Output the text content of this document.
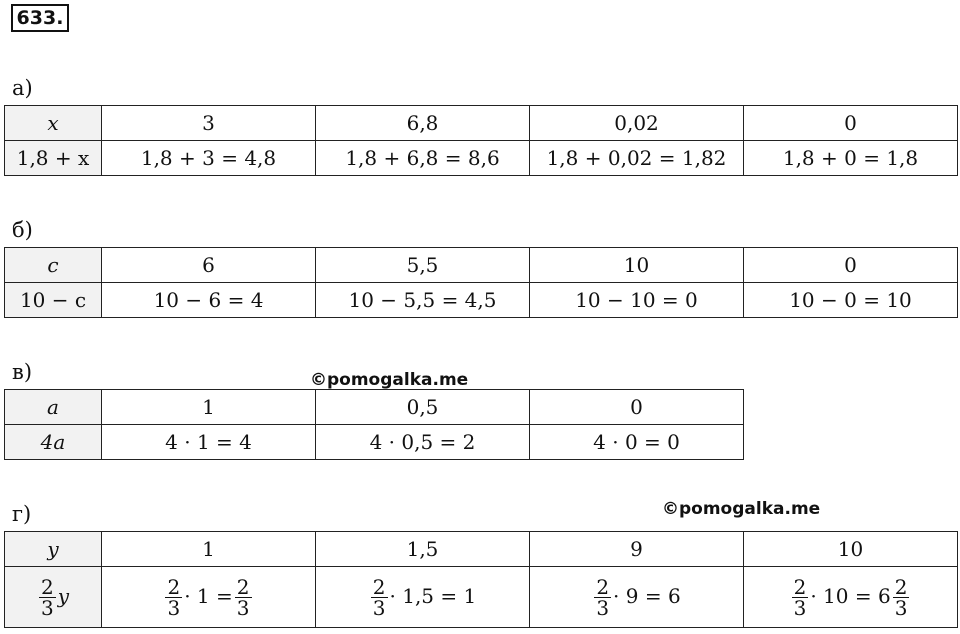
633.
а)
x	3	6,8	0,02	0
1,8 + x	1,8 + 3 = 4,8	1,8 + 6,8 = 8,6	1,8 + 0,02 = 1,82	1,8 + 0 = 1,8
б)
c	6	5,5	10	0
10 − c	10 − 6 = 4	10 − 5,5 = 4,5	10 − 10 = 0	10 − 0 = 10
в)	©pomogalka.me
a	1	0,5	0
4a	4 · 1 = 4	4 · 0,5 = 2	4 · 0 = 0
г)	©pomogalka.me
y	1	1,5	9	10

$\frac{2}{3}$ y	$\frac{2}{3} \cdot 1 = \frac{2}{3}$	$\frac{2}{3} \cdot 1,5 = 1$	$\frac{2}{3} \cdot 9 = 6$	$\frac{2}{3} \cdot 10 = 6 \frac{2}{3}$
